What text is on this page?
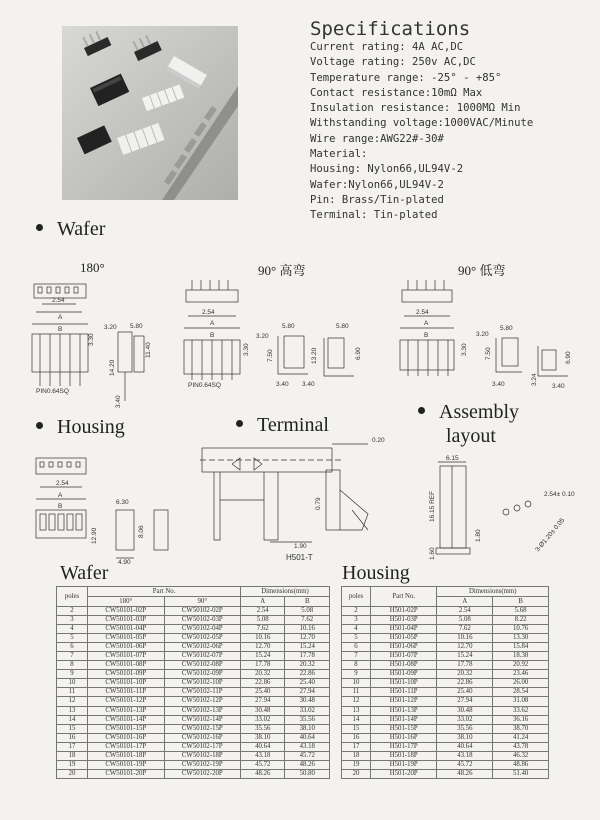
Specifications
Current rating: 4A AC,DC
Voltage rating: 250v AC,DC
Temperature range: -25° - +85°
Contact resistance:10mΩ Max
Insulation resistance: 1000MΩ Min
Withstanding voltage:1000VAC/Minute
Wire range:AWG22#-30#
Material:
Housing: Nylon66,UL94V-2
Wafer:Nylon66,UL94V-2
Pin: Brass/Tin-plated
Terminal: Tin-plated
Wafer
180°	90° 高弯	90° 低弯
2.54
A
B
PIN0.64SQ
3.20 5.80
3.30
14.20
11.40
3.40
2.54
A
B
PIN0.64SQ
3.20
5.80
7.50
3.30	13.20
3.40 3.40
6.90
5.80
2.54
A
B	3.20
5.80
7.50
3.30
3.40
6.90
3.24
3.40
Housing	Terminal
Assembly
layout
2.54
A
B
12.90
6.30
4.90
8.06
0.20
1.90
H501-T
0.79
6.15
16.15 REF
1.80
1.60
2.54± 0.10
3-Ø1.20± 0.05
Wafer	Housing
poles	Part No.		Dimensions(mm)	
	180°	90°	A	B
2	CW50101-02P	CW50102-02P	2.54	5.08
3	CW50101-03P	CW50102-03P	5.08	7.62
4	CW50101-04P	CW50102-04P	7.62	10.16
5	CW50101-05P	CW50102-05P	10.16	12.70
6	CW50101-06P	CW50102-06P	12.70	15.24
7	CW50101-07P	CW50102-07P	15.24	17.78
8	CW50101-08P	CW50102-08P	17.78	20.32
9	CW50101-09P	CW50102-09P	20.32	22.86
10	CW50101-10P	CW50102-10P	22.86	25.40
11	CW50101-11P	CW50102-11P	25.40	27.94
12	CW50101-12P	CW50102-12P	27.94	30.48
13	CW50101-13P	CW50102-13P	30.48	33.02
14	CW50101-14P	CW50102-14P	33.02	35.56
15	CW50101-15P	CW50102-15P	35.56	38.10
16	CW50101-16P	CW50102-16P	38.10	40.64
17	CW50101-17P	CW50102-17P	40.64	43.18
18	CW50101-18P	CW50102-18P	43.18	45.72
19	CW50101-19P	CW50102-19P	45.72	48.26
20	CW50101-20P	CW50102-20P	48.26	50.80
poles	Part No.	Dimensions(mm)	
		A	B
2	H501-02P	2.54	5.68
3	H501-03P	5.08	8.22
4	H501-04P	7.62	10.76
5	H501-05P	10.16	13.30
6	H501-06P	12.70	15.84
7	H501-07P	15.24	18.38
8	H501-08P	17.78	20.92
9	H501-09P	20.32	23.46
10	H501-10P	22.86	26.00
11	H501-11P	25.40	28.54
12	H501-12P	27.94	31.08
13	H501-13P	30.48	33.62
14	H501-14P	33.02	36.16
15	H501-15P	35.56	38.70
16	H501-16P	38.10	41.24
17	H501-17P	40.64	43.78
18	H501-18P	43.18	46.32
19	H501-19P	45.72	48.86
20	H501-20P	48.26	51.40
